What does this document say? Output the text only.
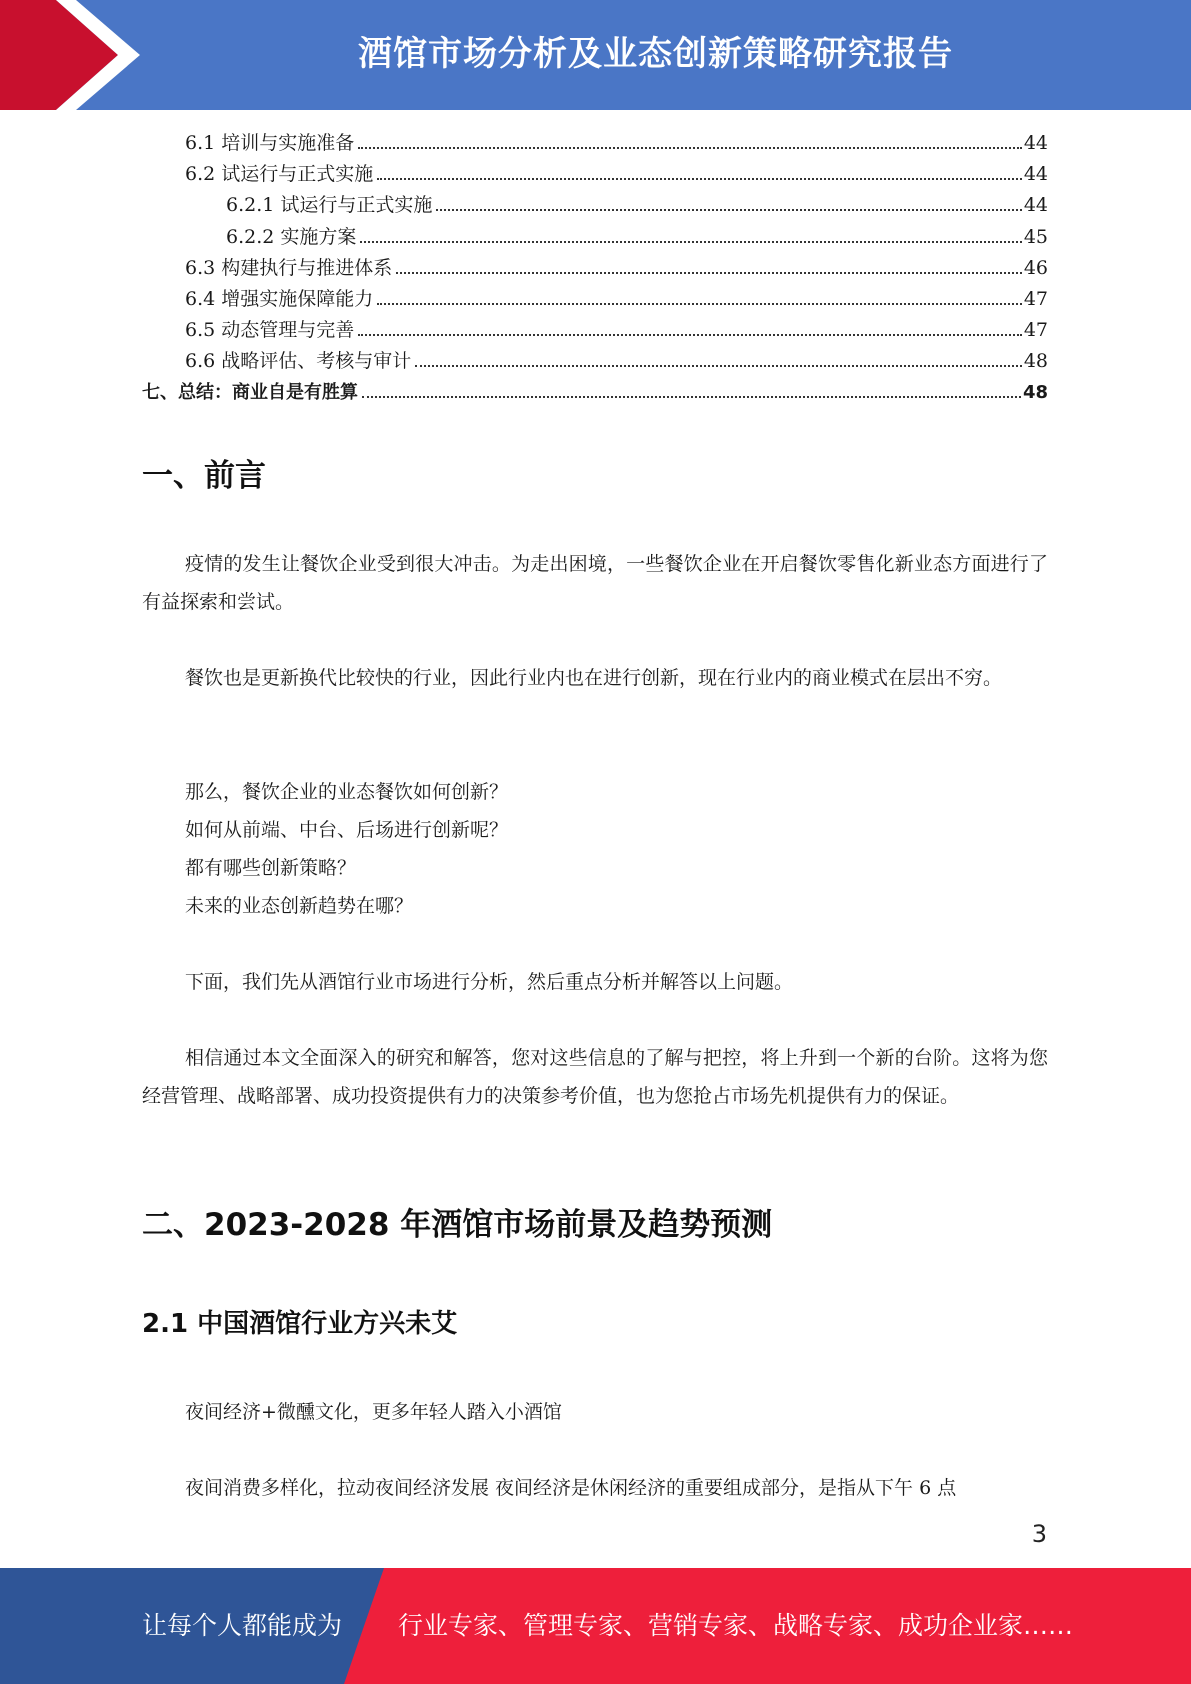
酒馆市场分析及业态创新策略研究报告
6.1 培训与实施准备	44
6.2 试运行与正式实施	44
6.2.1 试运行与正式实施	44
6.2.2 实施方案	45
6.3 构建执行与推进体系	46
6.4 增强实施保障能力	47
6.5 动态管理与完善	47
6.6 战略评估、考核与审计	48
七、总结：商业自是有胜算	48
一、前言
疫情的发生让餐饮企业受到很大冲击。为走出困境，一些餐饮企业在开启餐饮零售化新业态方面进行了有益探索和尝试。
餐饮也是更新换代比较快的行业，因此行业内也在进行创新，现在行业内的商业模式在层出不穷。
那么，餐饮企业的业态餐饮如何创新？
如何从前端、中台、后场进行创新呢？
都有哪些创新策略？
未来的业态创新趋势在哪？
下面，我们先从酒馆行业市场进行分析，然后重点分析并解答以上问题。
相信通过本文全面深入的研究和解答，您对这些信息的了解与把控，将上升到一个新的台阶。这将为您经营管理、战略部署、成功投资提供有力的决策参考价值，也为您抢占市场先机提供有力的保证。
二、2023-2028 年酒馆市场前景及趋势预测
2.1 中国酒馆行业方兴未艾
夜间经济+微醺文化，更多年轻人踏入小酒馆
夜间消费多样化，拉动夜间经济发展 夜间经济是休闲经济的重要组成部分，是指从下午 6 点
3
让每个人都能成为 行业专家、管理专家、营销专家、战略专家、成功企业家……
